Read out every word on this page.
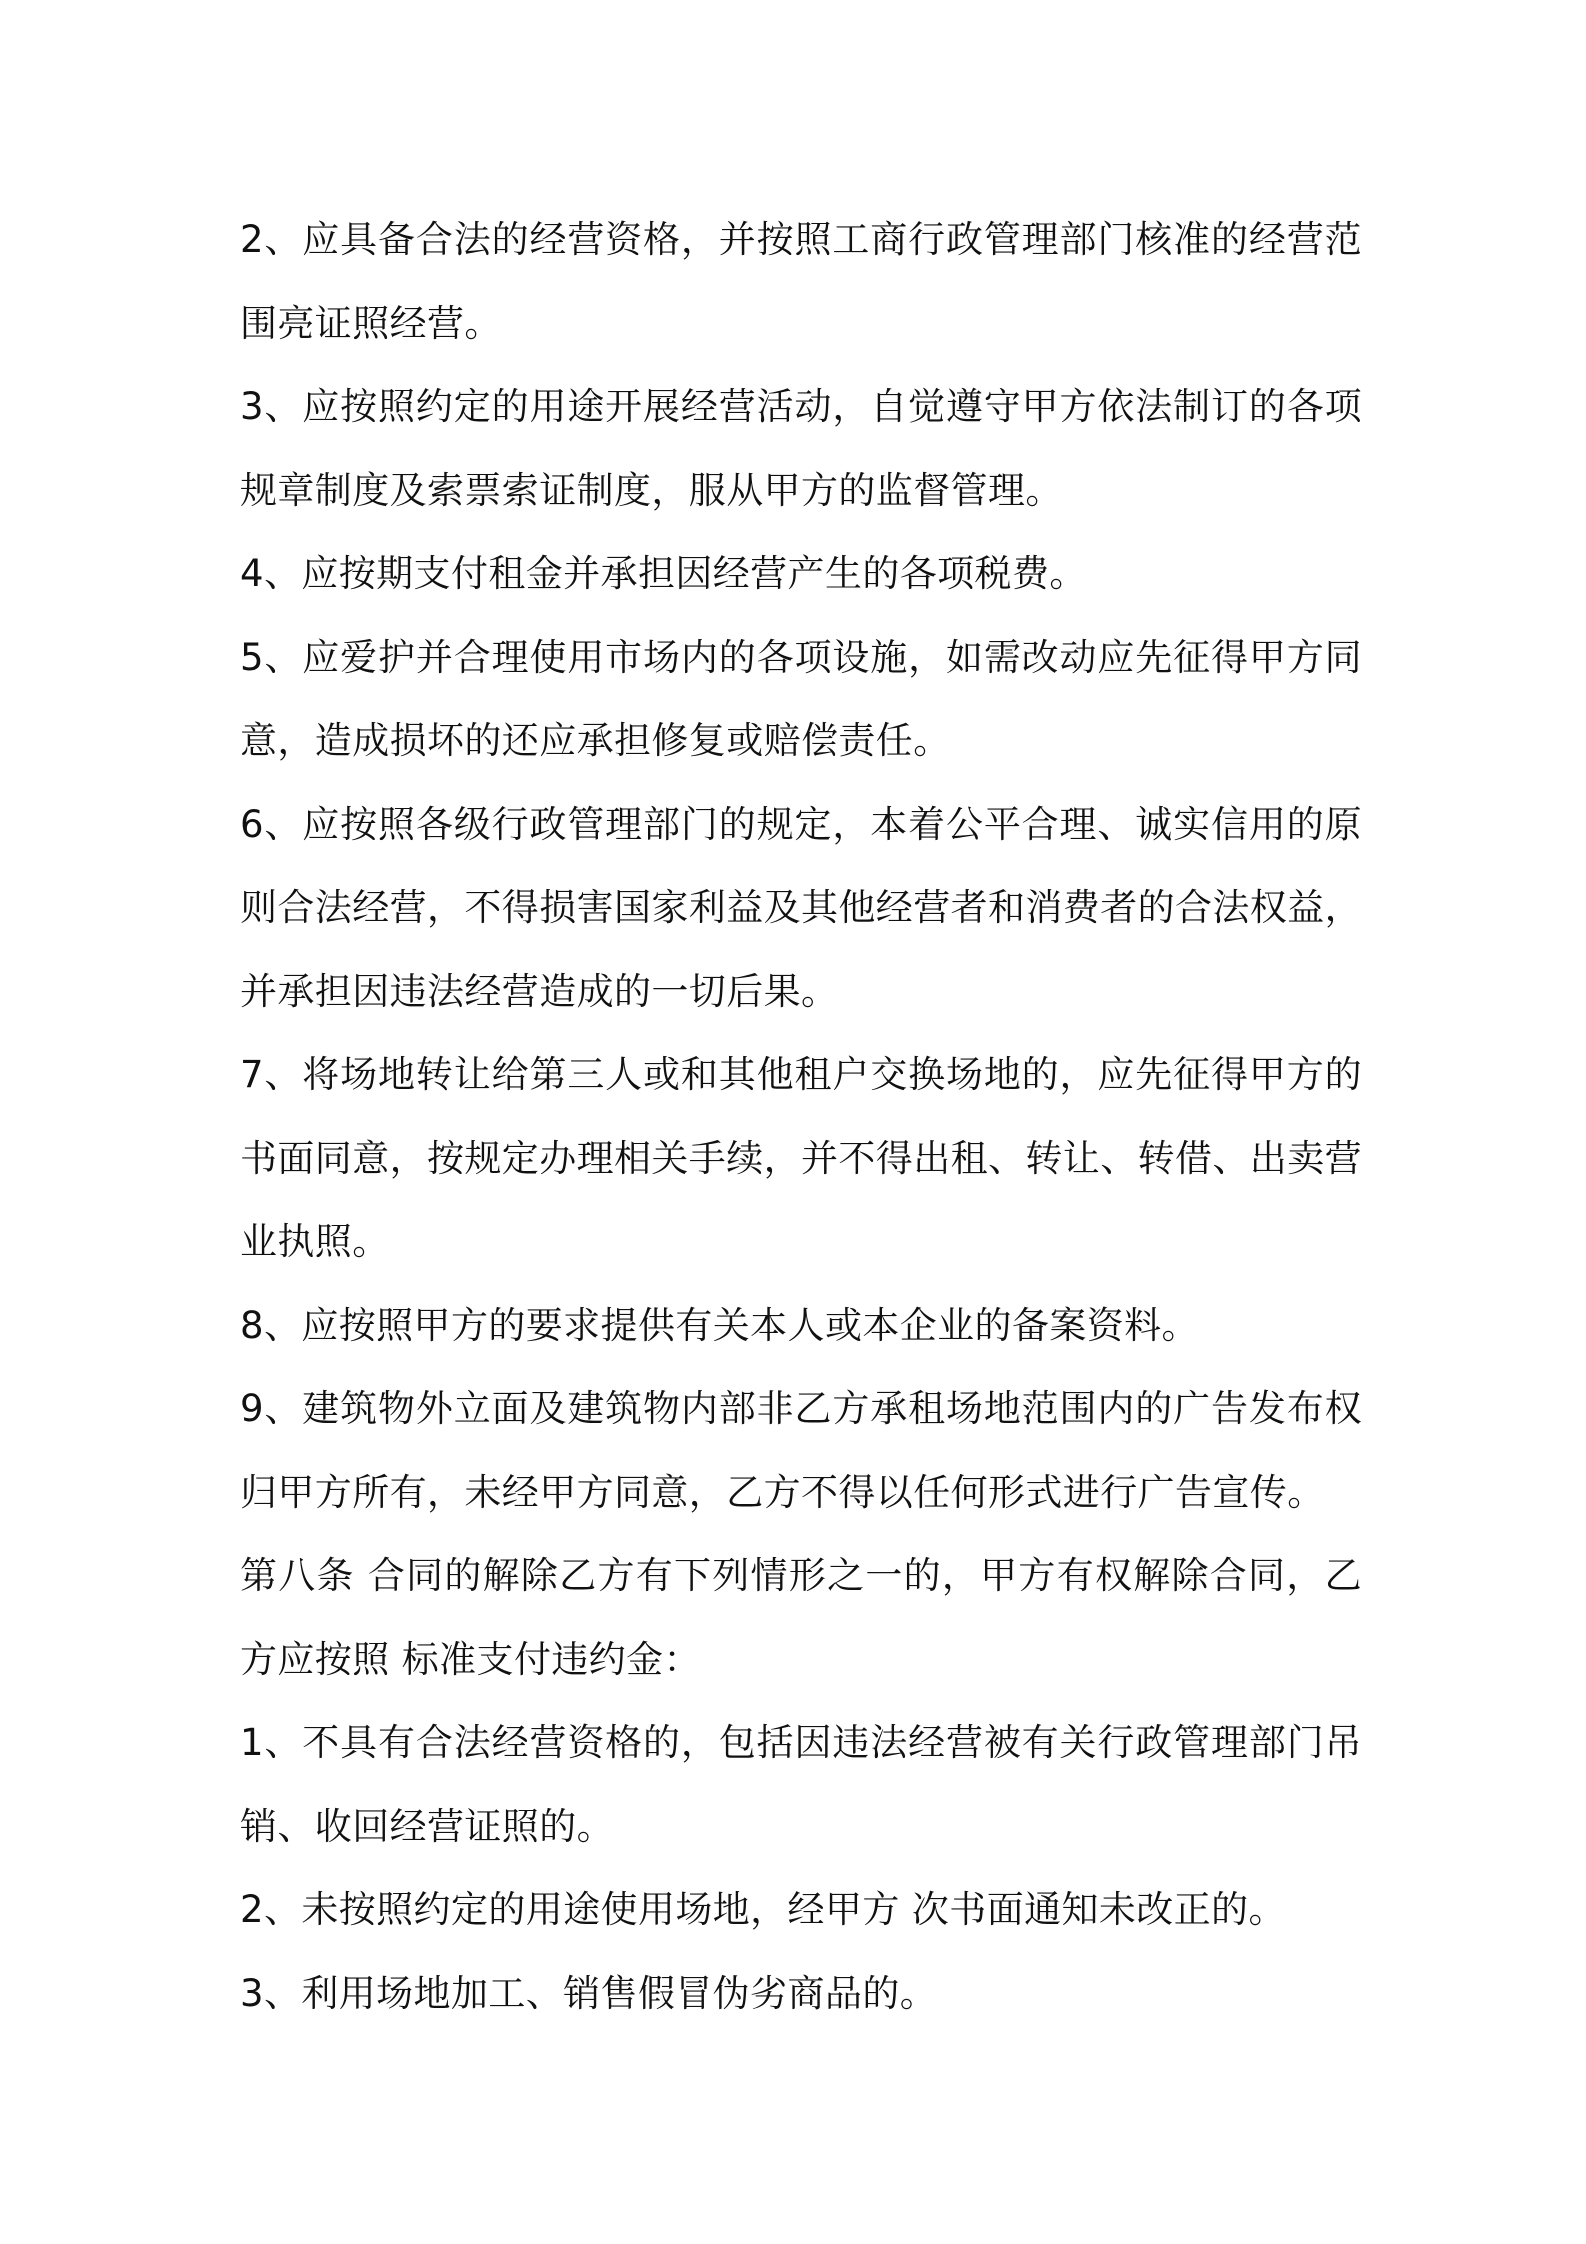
2、应具备合法的经营资格，并按照工商行政管理部门核准的经营范

围亮证照经营。

3、应按照约定的用途开展经营活动，自觉遵守甲方依法制订的各项

规章制度及索票索证制度，服从甲方的监督管理。

4、应按期支付租金并承担因经营产生的各项税费。

5、应爱护并合理使用市场内的各项设施，如需改动应先征得甲方同

意，造成损坏的还应承担修复或赔偿责任。

6、应按照各级行政管理部门的规定，本着公平合理、诚实信用的原

则合法经营，不得损害国家利益及其他经营者和消费者的合法权益，

并承担因违法经营造成的一切后果。

7、将场地转让给第三人或和其他租户交换场地的，应先征得甲方的

书面同意，按规定办理相关手续，并不得出租、转让、转借、出卖营

业执照。

8、应按照甲方的要求提供有关本人或本企业的备案资料。

9、建筑物外立面及建筑物内部非乙方承租场地范围内的广告发布权

归甲方所有，未经甲方同意，乙方不得以任何形式进行广告宣传。

第八条 合同的解除乙方有下列情形之一的，甲方有权解除合同，乙

方应按照 标准支付违约金：

1、不具有合法经营资格的，包括因违法经营被有关行政管理部门吊

销、收回经营证照的。

2、未按照约定的用途使用场地，经甲方 次书面通知未改正的。

3、利用场地加工、销售假冒伪劣商品的。
